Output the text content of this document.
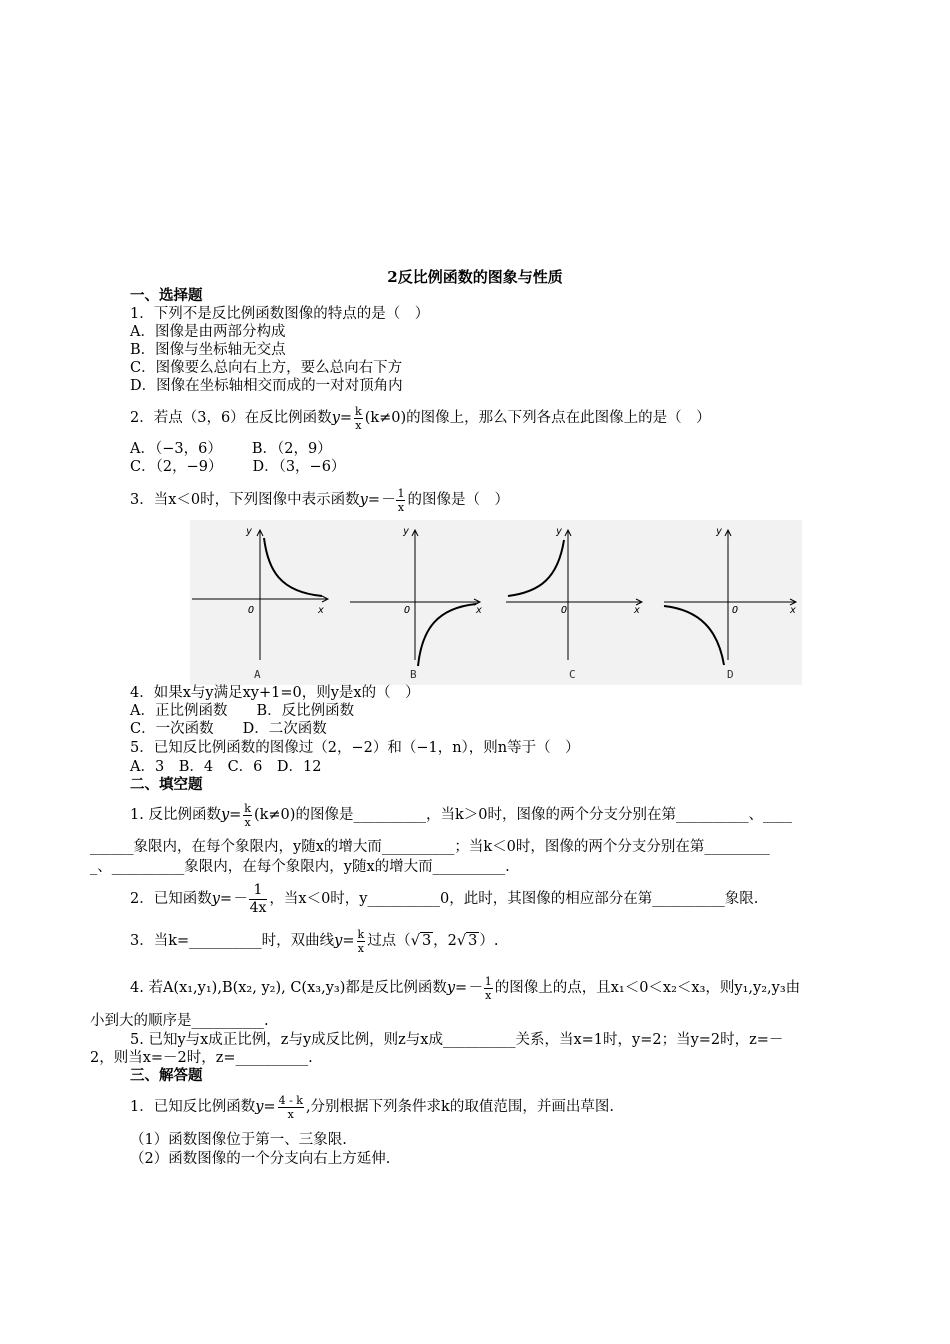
2反比例函数的图象与性质
一、选择题
1．下列不是反比例函数图像的特点的是（　）
A．图像是由两部分构成
B．图像与坐标轴无交点
C．图像要么总向右上方，要么总向右下方
D．图像在坐标轴相交而成的一对对顶角内
2．若点（3，6）在反比例函数$y= \frac{k}{x} (k\ne 0)$的图像上，那么下列各点在此图像上的是（　）
A．（−3，6） B．（2，9）
C．（2，−9） D．（3，−6）
3．当x＜0时，下列图像中表示函数$y=- \frac{1}{x}$ 的图像是（　）
y
x
O
y
x
O
y
x
O
y
x
O
A	B	C	D
4．如果x与y满足xy+1=0，则y是x的（　）
A．正比例函数　　B．反比例函数
C．一次函数　　D．二次函数
5．已知反比例函数的图像过（2，−2）和（−1，n），则n等于（　）
A．3　B．4　C．6　D．12
二、填空题
1. 反比例函数$y= \frac{k}{x} (k\ne 0)$的图像是__________，当k＞0时，图像的两个分支分别在第__________、____
______象限内，在每个象限内，y随x的增大而__________；当k＜0时，图像的两个分支分别在第_________
_、__________象限内，在每个象限内，y随x的增大而__________.
2．已知函数$y=- \frac{1}{4x}$ ，当x＜0时，y__________0，此时，其图像的相应部分在第__________象限.
3．当k=__________时，双曲线$y= \frac{k}{x}$ 过点（√ 3 ，2√ 3 ）.
4. 若A(x₁,y₁),B(x₂, y₂), C(x₃,y₃)都是反比例函数$y=- \frac{1}{x}$ 的图像上的点，且x₁＜0＜x₂＜x₃，则y₁,y₂,y₃由
小到大的顺序是__________.
5. 已知y与x成正比例，z与y成反比例，则z与x成__________关系，当x=1时，y=2；当y=2时，z=－
2，则当x=－2时，z=__________.
三、解答题
1．已知反比例函数$y= \frac{4 - k}{x}$ ,分别根据下列条件求k的取值范围，并画出草图.
（1）函数图像位于第一、三象限.
（2）函数图像的一个分支向右上方延伸.
